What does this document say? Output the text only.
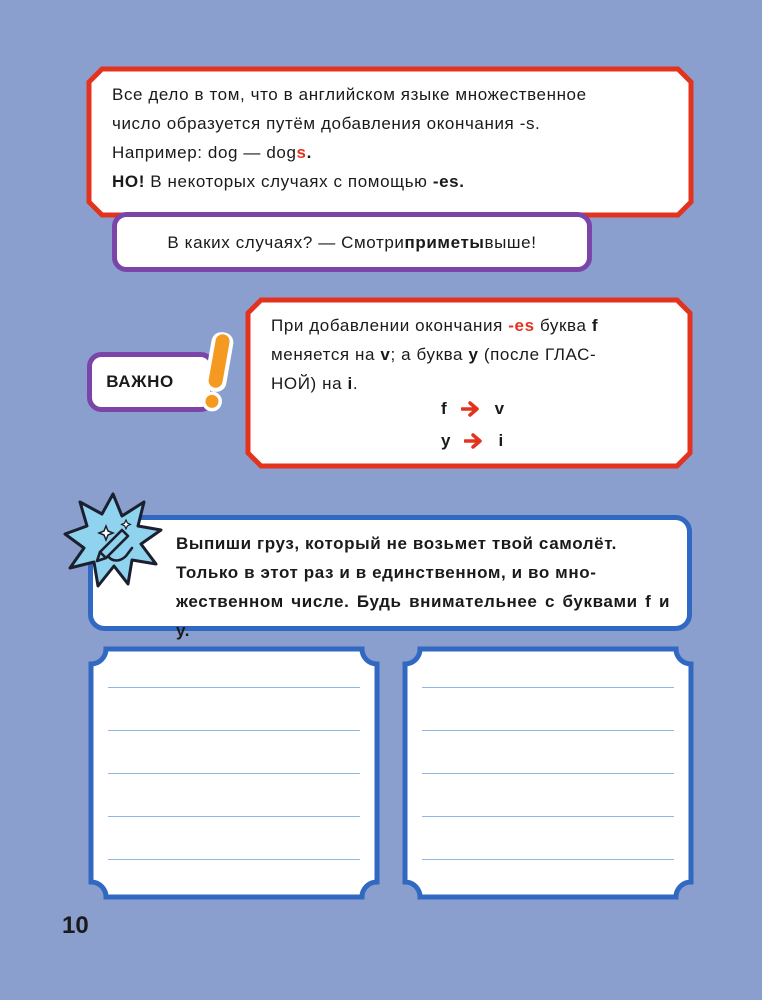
Все дело в том, что в английском языке множественное
число образуется путём добавления окончания -s.
Например: dog — dogs.
НО! В некоторых случаях с помощью -es.
В каких случаях? — Смотри приметы выше!
ВАЖНО
При добавлении окончания -es буква f
меняется на v; а буква y (после ГЛАС-
НОЙ) на i.
f	v
y	i
Выпиши груз, который не возьмет твой самолёт.
Только в этот раз и в единственном, и во мно-
жественном числе. Будь внимательнее с буквами f и y.
10
